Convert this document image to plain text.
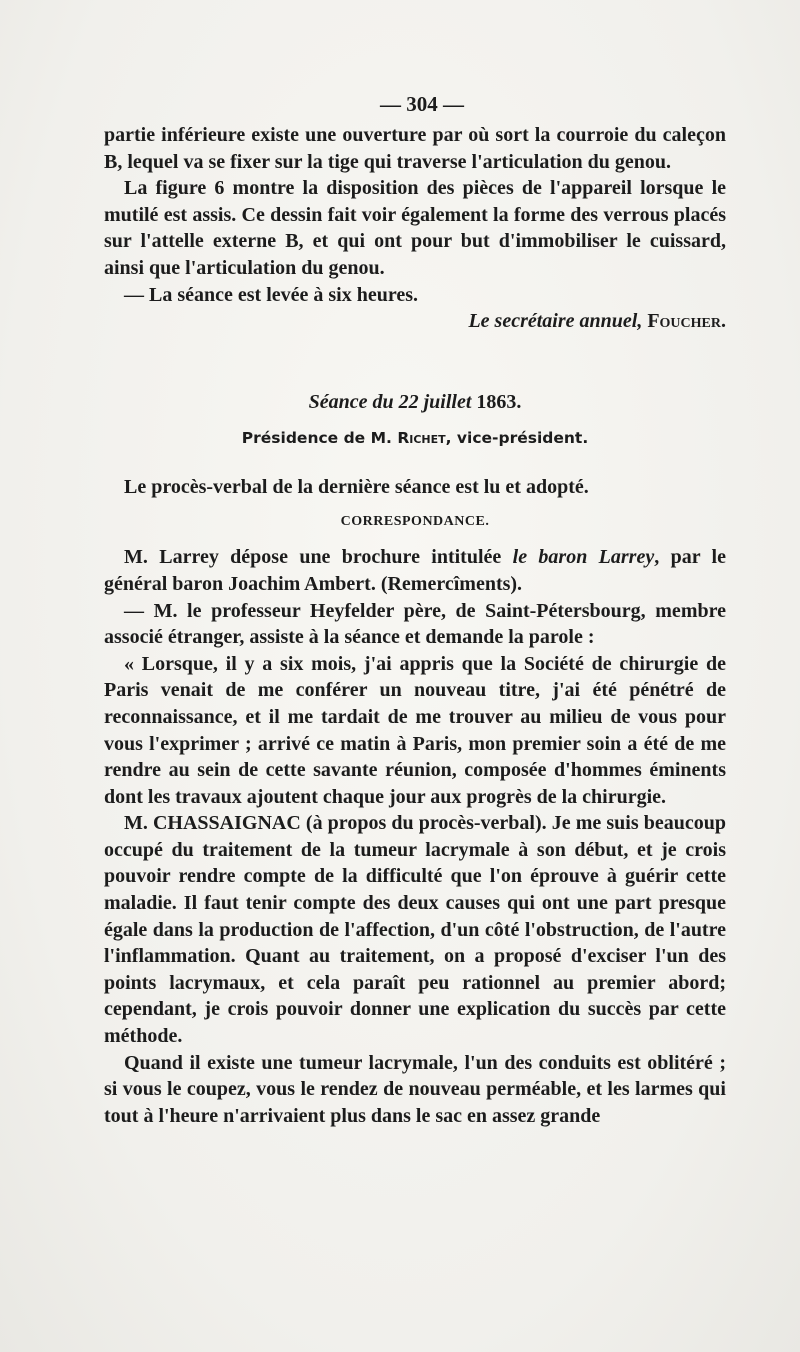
— 304 —

partie inférieure existe une ouverture par où sort la courroie du caleçon B, lequel va se fixer sur la tige qui traverse l'articulation du genou.

La figure 6 montre la disposition des pièces de l'appareil lorsque le mutilé est assis. Ce dessin fait voir également la forme des verrous placés sur l'attelle externe B, et qui ont pour but d'immobiliser le cuissard, ainsi que l'articulation du genou.

— La séance est levée à six heures.

Le secrétaire annuel, Foucher.

Séance du 22 juillet 1863.

Présidence de M. Richet, vice-président.

Le procès-verbal de la dernière séance est lu et adopté.

CORRESPONDANCE.

M. Larrey dépose une brochure intitulée le baron Larrey, par le général baron Joachim Ambert. (Remercîments).

— M. le professeur Heyfelder père, de Saint-Pétersbourg, membre associé étranger, assiste à la séance et demande la parole :

« Lorsque, il y a six mois, j'ai appris que la Société de chirurgie de Paris venait de me conférer un nouveau titre, j'ai été pénétré de reconnaissance, et il me tardait de me trouver au milieu de vous pour vous l'exprimer ; arrivé ce matin à Paris, mon premier soin a été de me rendre au sein de cette savante réunion, composée d'hommes éminents dont les travaux ajoutent chaque jour aux progrès de la chirurgie.

M. CHASSAIGNAC (à propos du procès-verbal). Je me suis beaucoup occupé du traitement de la tumeur lacrymale à son début, et je crois pouvoir rendre compte de la difficulté que l'on éprouve à guérir cette maladie. Il faut tenir compte des deux causes qui ont une part presque égale dans la production de l'affection, d'un côté l'obstruction, de l'autre l'inflammation. Quant au traitement, on a proposé d'exciser l'un des points lacrymaux, et cela paraît peu rationnel au premier abord; cependant, je crois pouvoir donner une explication du succès par cette méthode.

Quand il existe une tumeur lacrymale, l'un des conduits est oblitéré ; si vous le coupez, vous le rendez de nouveau perméable, et les larmes qui tout à l'heure n'arrivaient plus dans le sac en assez grande
